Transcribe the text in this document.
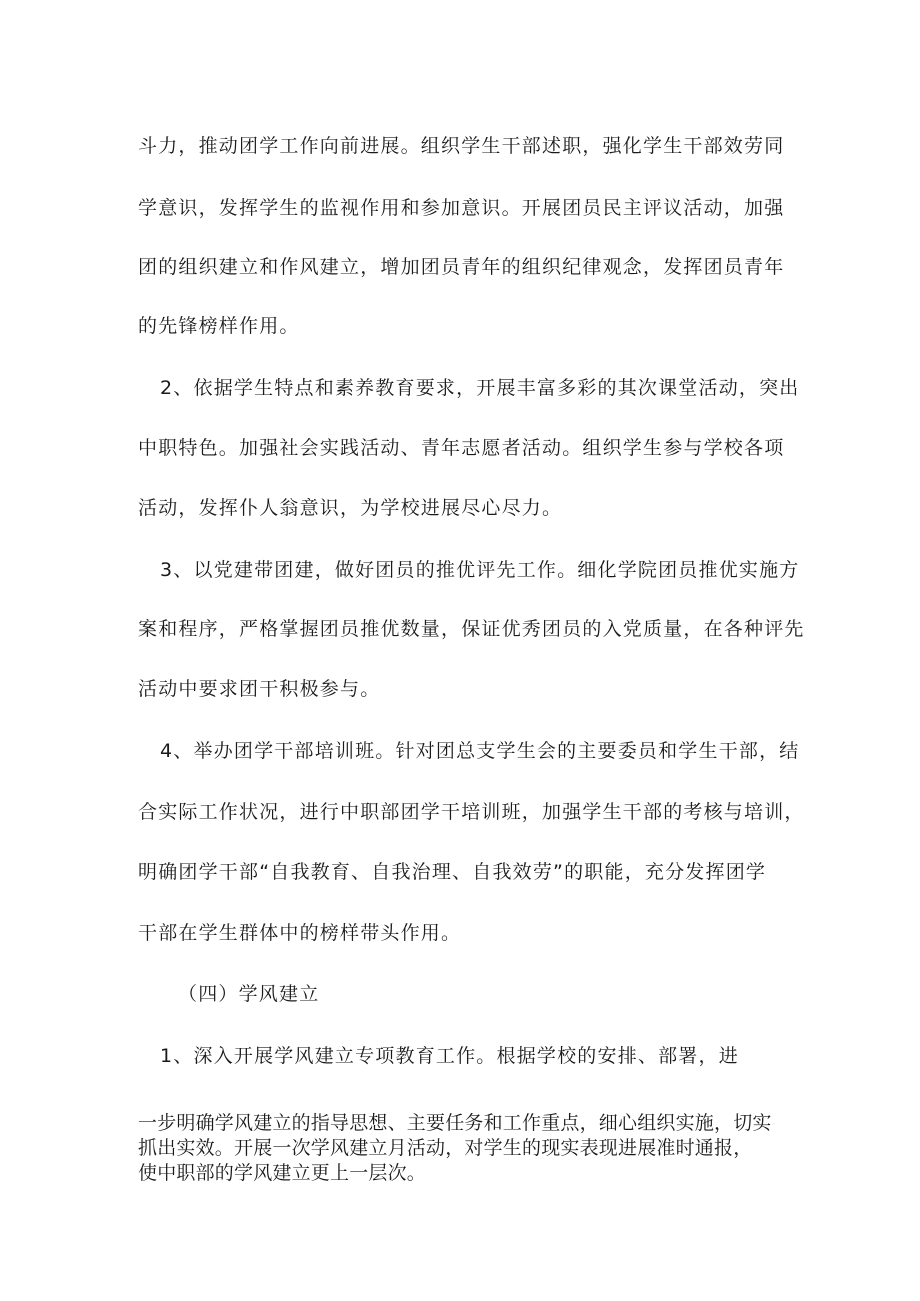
斗力，推动团学工作向前进展。组织学生干部述职，强化学生干部效劳同
学意识，发挥学生的监视作用和参加意识。开展团员民主评议活动，加强
团的组织建立和作风建立，增加团员青年的组织纪律观念，发挥团员青年
的先锋榜样作用。
2、依据学生特点和素养教育要求，开展丰富多彩的其次课堂活动，突出
中职特色。加强社会实践活动、青年志愿者活动。组织学生参与学校各项
活动，发挥仆人翁意识，为学校进展尽心尽力。
3、以党建带团建，做好团员的推优评先工作。细化学院团员推优实施方
案和程序，严格掌握团员推优数量，保证优秀团员的入党质量，在各种评先
活动中要求团干积极参与。
4、举办团学干部培训班。针对团总支学生会的主要委员和学生干部，结
合实际工作状况，进行中职部团学干培训班，加强学生干部的考核与培训，
明确团学干部“自我教育、自我治理、自我效劳”的职能，充分发挥团学
干部在学生群体中的榜样带头作用。
（四）学风建立
1、深入开展学风建立专项教育工作。根据学校的安排、部署，进
一步明确学风建立的指导思想、主要任务和工作重点，细心组织实施，切实
抓出实效。开展一次学风建立月活动，对学生的现实表现进展准时通报，
使中职部的学风建立更上一层次。
